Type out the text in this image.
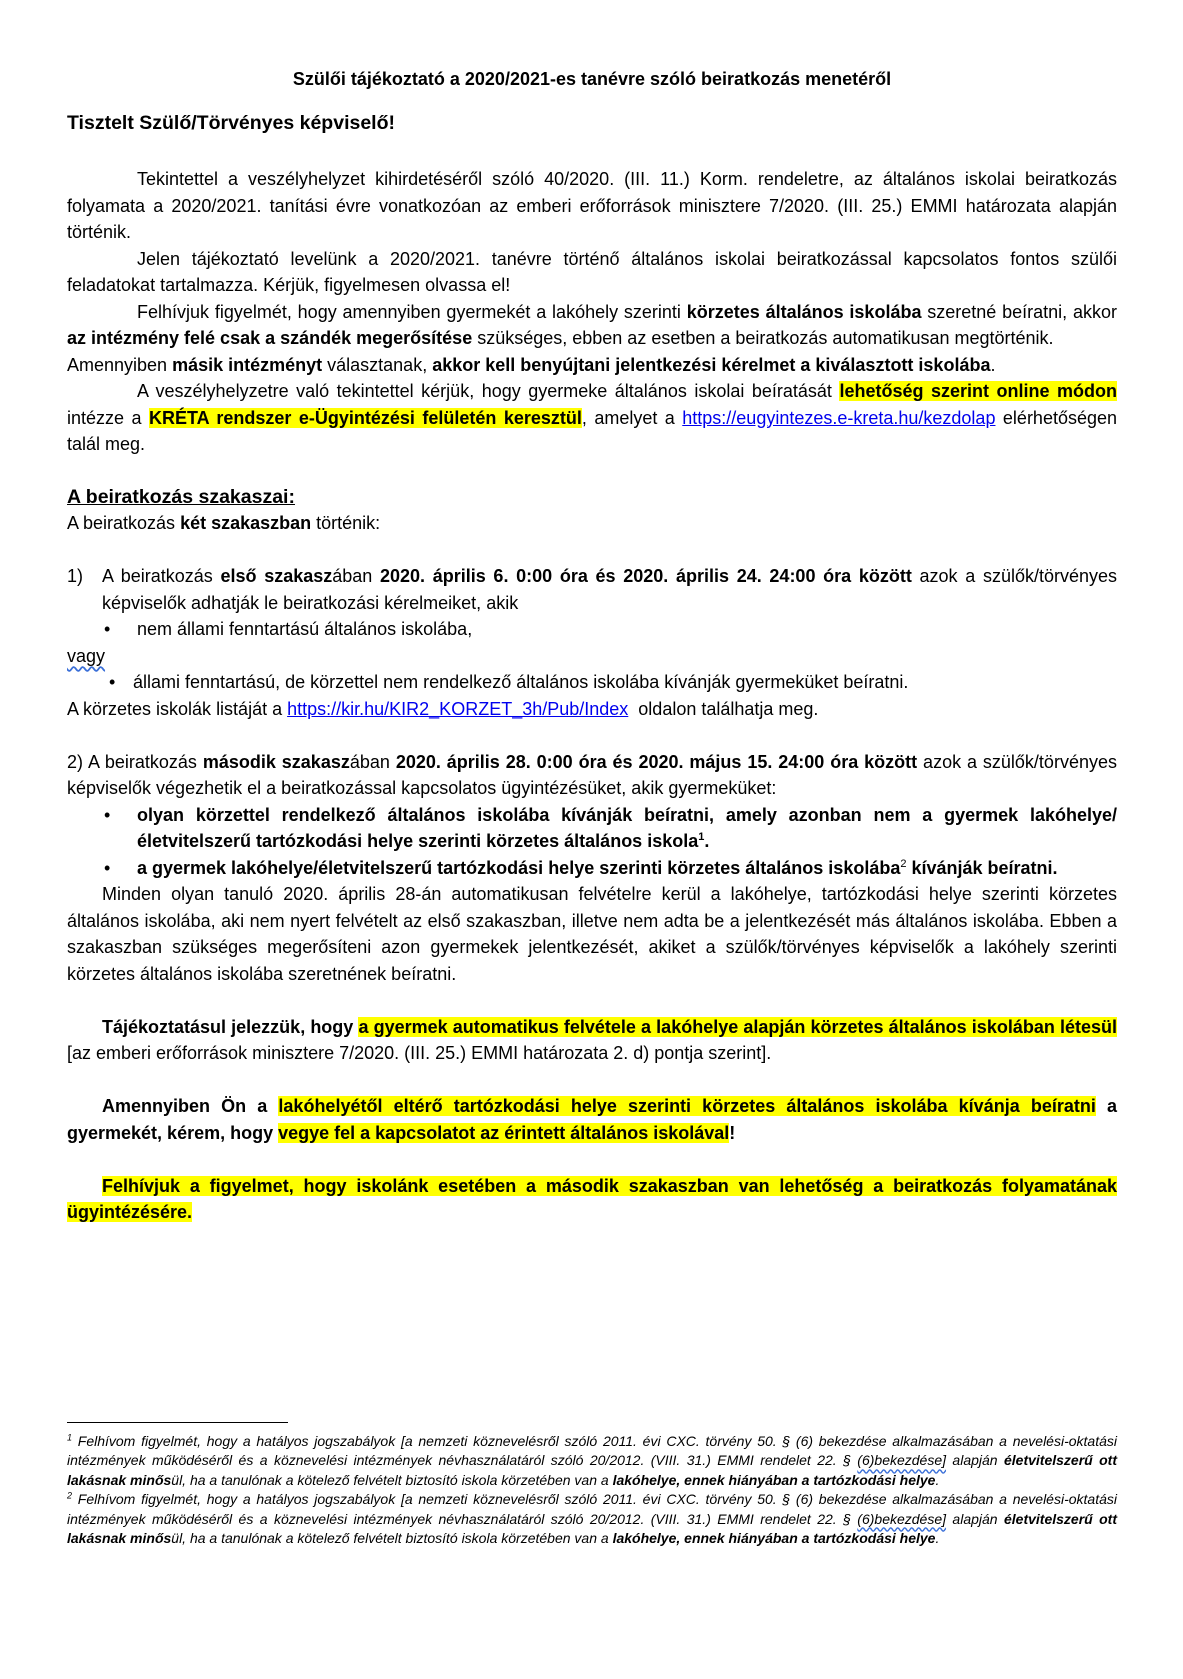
Szülői tájékoztató a 2020/2021-es tanévre szóló beiratkozás menetéről
Tisztelt Szülő/Törvényes képviselő!

Tekintettel a veszélyhelyzet kihirdetéséről szóló 40/2020. (III. 11.) Korm. rendeletre, az általános iskolai beiratkozás folyamata a 2020/2021. tanítási évre vonatkozóan az emberi erőforrások minisztere 7/2020. (III. 25.) EMMI határozata alapján történik.

Jelen tájékoztató levelünk a 2020/2021. tanévre történő általános iskolai beiratkozással kapcsolatos fontos szülői feladatokat tartalmazza. Kérjük, figyelmesen olvassa el!

Felhívjuk figyelmét, hogy amennyiben gyermekét a lakóhely szerinti körzetes általános iskolába szeretné beíratni, akkor az intézmény felé csak a szándék megerősítése szükséges, ebben az esetben a beiratkozás automatikusan megtörténik.

Amennyiben másik intézményt választanak, akkor kell benyújtani jelentkezési kérelmet a kiválasztott iskolába.

A veszélyhelyzetre való tekintettel kérjük, hogy gyermeke általános iskolai beíratását lehetőség szerint online módon intézze a KRÉTA rendszer e-Ügyintézési felületén keresztül, amelyet a https://eugyintezes.e-kreta.hu/kezdolap elérhetőségen talál meg.

A beiratkozás szakaszai:

A beiratkozás két szakaszban történik:

1) A beiratkozás első szakaszában 2020. április 6. 0:00 óra és 2020. április 24. 24:00 óra között azok a szülők/törvényes képviselők adhatják le beiratkozási kérelmeiket, akik
• nem állami fenntartású általános iskolába,

vagy

• állami fenntartású, de körzettel nem rendelkező általános iskolába kívánják gyermeküket beíratni.

A körzetes iskolák listáját a https://kir.hu/KIR2_KORZET_3h/Pub/Index  oldalon találhatja meg.

2) A beiratkozás második szakaszában 2020. április 28. 0:00 óra és 2020. május 15. 24:00 óra között azok a szülők/törvényes képviselők végezhetik el a beiratkozással kapcsolatos ügyintézésüket, akik gyermeküket:

• olyan körzettel rendelkező általános iskolába kívánják beíratni, amely azonban nem a gyermek lakóhelye/életvitelszerű tartózkodási helye szerinti körzetes általános iskola$^1$.
• a gyermek lakóhelye/életvitelszerű tartózkodási helye szerinti körzetes általános iskolába$^2$ kívánják beíratni.

Minden olyan tanuló 2020. április 28-án automatikusan felvételre kerül a lakóhelye, tartózkodási helye szerinti körzetes általános iskolába, aki nem nyert felvételt az első szakaszban, illetve nem adta be a jelentkezését más általános iskolába. Ebben a szakaszban szükséges megerősíteni azon gyermekek jelentkezését, akiket a szülők/törvényes képviselők a lakóhely szerinti körzetes általános iskolába szeretnének beíratni.

Tájékoztatásul jelezzük, hogy a gyermek automatikus felvétele a lakóhelye alapján körzetes általános iskolában létesül [az emberi erőforrások minisztere 7/2020. (III. 25.) EMMI határozata 2. d) pontja szerint].

Amennyiben Ön a lakóhelyétől eltérő tartózkodási helye szerinti körzetes általános iskolába kívánja beíratni a gyermekét, kérem, hogy vegye fel a kapcsolatot az érintett általános iskolával!

Felhívjuk a figyelmet, hogy iskolánk esetében a második szakaszban van lehetőség a beiratkozás folyamatának ügyintézésére.

$^1$ Felhívom figyelmét, hogy a hatályos jogszabályok [a nemzeti köznevelésről szóló 2011. évi CXC. törvény 50. § (6) bekezdése alkalmazásában a nevelési-oktatási intézmények működéséről és a köznevelési intézmények névhasználatáról szóló 20/2012. (VIII. 31.) EMMI rendelet 22. § (6)bekezdése] alapján életvitelszerű ott lakásnak minősül, ha a tanulónak a kötelező felvételt biztosító iskola körzetében van a lakóhelye, ennek hiányában a tartózkodási helye.

$^2$ Felhívom figyelmét, hogy a hatályos jogszabályok [a nemzeti köznevelésről szóló 2011. évi CXC. törvény 50. § (6) bekezdése alkalmazásában a nevelési-oktatási intézmények működéséről és a köznevelési intézmények névhasználatáról szóló 20/2012. (VIII. 31.) EMMI rendelet 22. § (6)bekezdése] alapján életvitelszerű ott lakásnak minősül, ha a tanulónak a kötelező felvételt biztosító iskola körzetében van a lakóhelye, ennek hiányában a tartózkodási helye.
